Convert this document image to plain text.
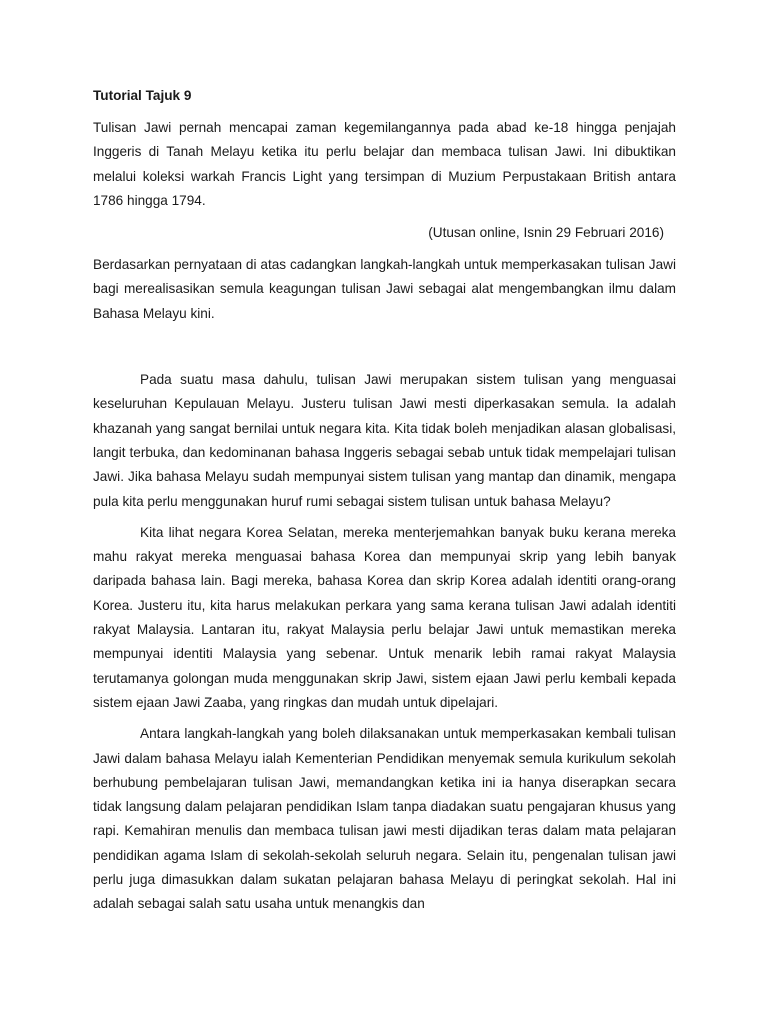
Tutorial Tajuk 9

Tulisan Jawi pernah mencapai zaman kegemilangannya pada abad ke-18 hingga penjajah Inggeris di Tanah Melayu ketika itu perlu belajar dan membaca tulisan Jawi. Ini dibuktikan melalui koleksi warkah Francis Light yang tersimpan di Muzium Perpustakaan British antara 1786 hingga 1794.

(Utusan online, Isnin 29 Februari 2016)

Berdasarkan pernyataan di atas cadangkan langkah-langkah untuk memperkasakan tulisan Jawi bagi merealisasikan semula keagungan tulisan Jawi sebagai alat mengembangkan ilmu dalam Bahasa Melayu kini.

Pada suatu masa dahulu, tulisan Jawi merupakan sistem tulisan yang menguasai keseluruhan Kepulauan Melayu. Justeru tulisan Jawi mesti diperkasakan semula. Ia adalah khazanah yang sangat bernilai untuk negara kita. Kita tidak boleh menjadikan alasan globalisasi, langit terbuka, dan kedominanan bahasa Inggeris sebagai sebab untuk tidak mempelajari tulisan Jawi. Jika bahasa Melayu sudah mempunyai sistem tulisan yang mantap dan dinamik, mengapa pula kita perlu menggunakan huruf rumi sebagai sistem tulisan untuk bahasa Melayu?

Kita lihat negara Korea Selatan, mereka menterjemahkan banyak buku kerana mereka mahu rakyat mereka menguasai bahasa Korea dan mempunyai skrip yang lebih banyak daripada bahasa lain. Bagi mereka, bahasa Korea dan skrip Korea adalah identiti orang-orang Korea. Justeru itu, kita harus melakukan perkara yang sama kerana tulisan Jawi adalah identiti rakyat Malaysia. Lantaran itu, rakyat Malaysia perlu belajar Jawi untuk memastikan mereka mempunyai identiti Malaysia yang sebenar. Untuk menarik lebih ramai rakyat Malaysia terutamanya golongan muda menggunakan skrip Jawi, sistem ejaan Jawi perlu kembali kepada sistem ejaan Jawi Zaaba, yang ringkas dan mudah untuk dipelajari.

Antara langkah-langkah yang boleh dilaksanakan untuk memperkasakan kembali tulisan Jawi dalam bahasa Melayu ialah Kementerian Pendidikan menyemak semula kurikulum sekolah berhubung pembelajaran tulisan Jawi, memandangkan ketika ini ia hanya diserapkan secara tidak langsung dalam pelajaran pendidikan Islam tanpa diadakan suatu pengajaran khusus yang rapi. Kemahiran menulis dan membaca tulisan jawi mesti dijadikan teras dalam mata pelajaran pendidikan agama Islam di sekolah-sekolah seluruh negara. Selain itu, pengenalan tulisan jawi perlu juga dimasukkan dalam sukatan pelajaran bahasa Melayu di peringkat sekolah. Hal ini adalah sebagai salah satu usaha untuk menangkis dan
